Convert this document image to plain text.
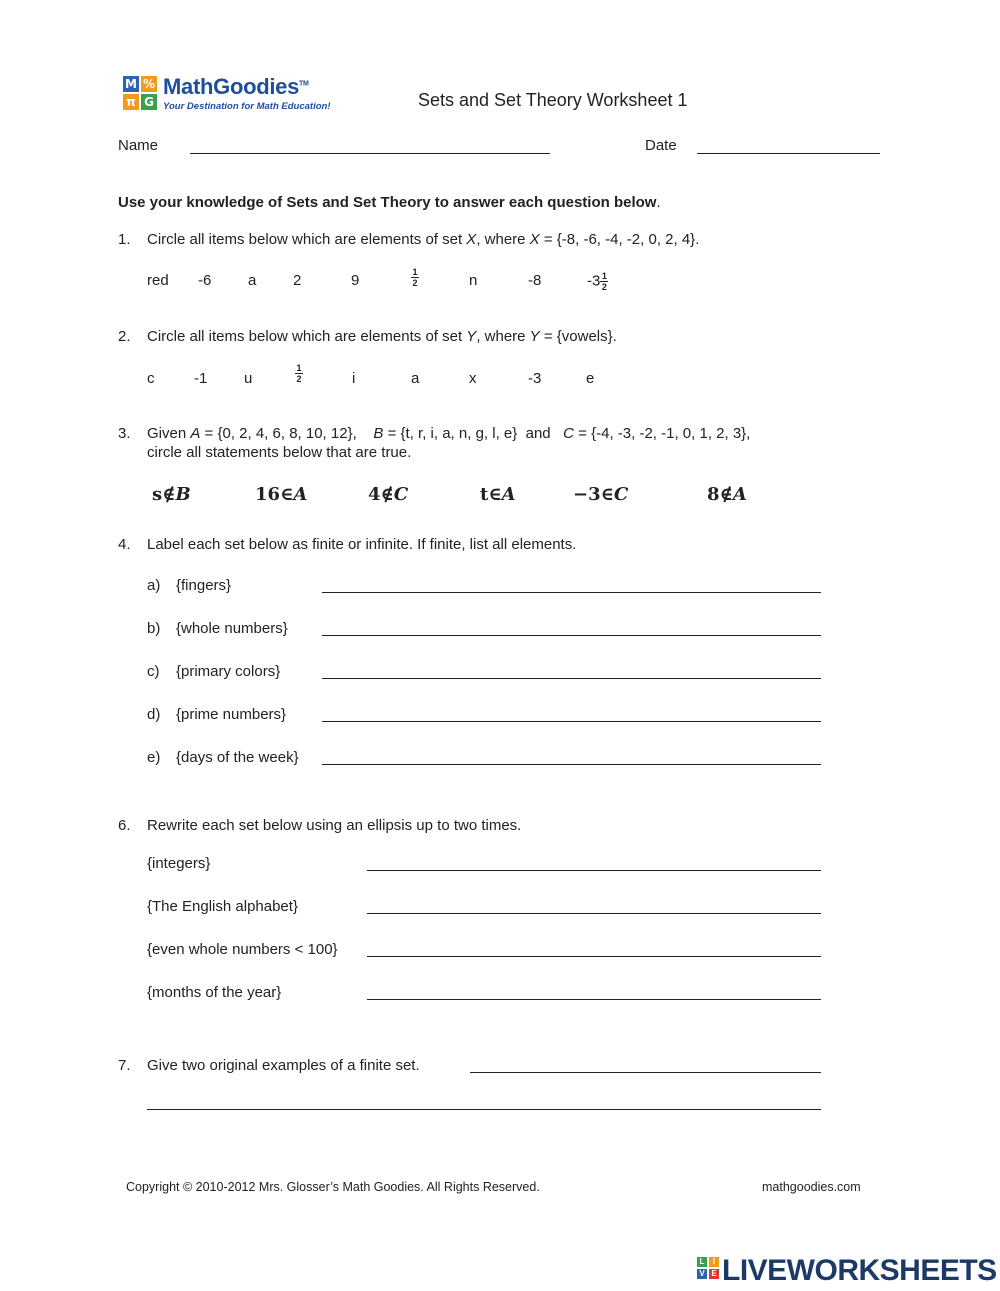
M %
π G
MathGoodies™
Your Destination for Math Education!	Sets and Set Theory Worksheet 1
Name	Date
Use your knowledge of Sets and Set Theory to answer each question below.
1. Circle all items below which are elements of set X, where X = {-8, -6, -4, -2, 0, 2, 4}.
red -6 a 2	9	$\frac{1}{2}$	n	-8	$-3 \frac{1}{2}$
2. Circle all items below which are elements of set Y, where Y = {vowels}.
c	-1 u	$\frac{1}{2}$	i	a	x	-3	e
3. Given A = {0, 2, 4, 6, 8, 10, 12}, B = {t, r, i, a, n, g, l, e} and C = {-4, -3, -2, -1, 0, 1, 2, 3},
circle all statements below that are true.
s∉B	16∈A	4∉C	t∈A	−3∈C	8∉A
4. Label each set below as finite or infinite. If finite, list all elements.
a) {fingers}
b) {whole numbers}
c) {primary colors}
d) {prime numbers}
e) {days of the week}
6. Rewrite each set below using an ellipsis up to two times.
{integers}
{The English alphabet}
{even whole numbers < 100}
{months of the year}
7. Give two original examples of a finite set.
Copyright © 2010-2012 Mrs. Glosser’s Math Goodies. All Rights Reserved.	mathgoodies.com
L	I
V E LIVEWORKSHEETS
